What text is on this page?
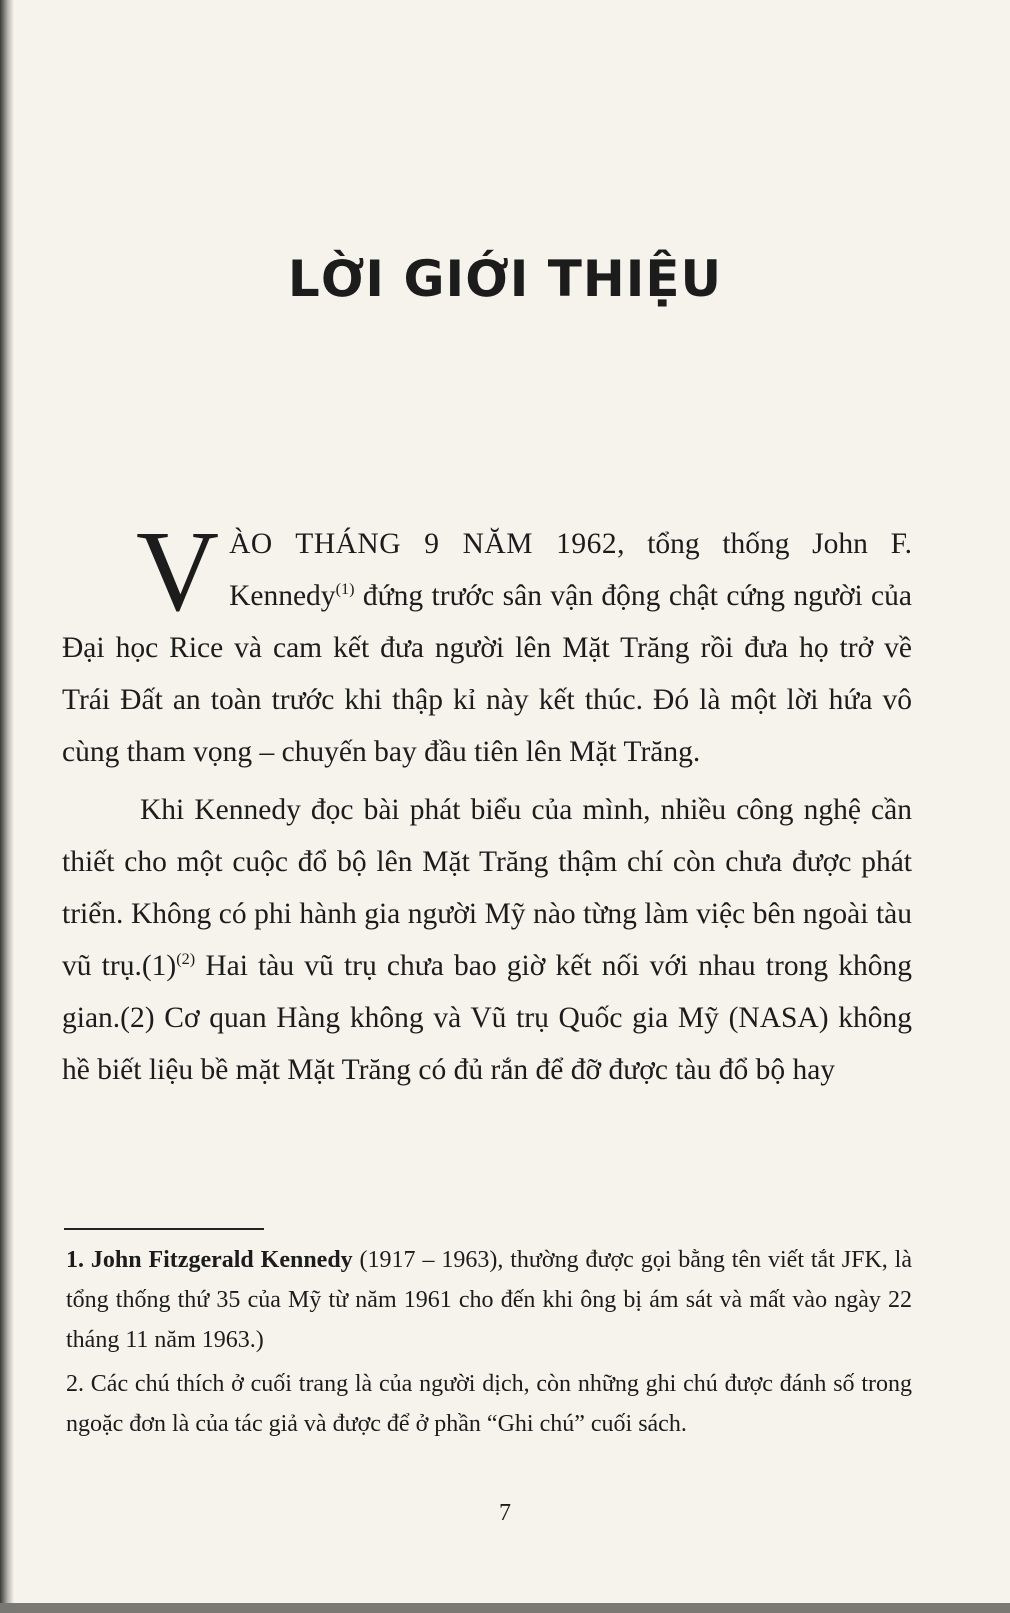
LỜI GIỚI THIỆU

VÀO THÁNG 9 NĂM 1962, tổng thống John F. Kennedy$^{(1)}$ đứng trước sân vận động chật cứng người của Đại học Rice và cam kết đưa người lên Mặt Trăng rồi đưa họ trở về Trái Đất an toàn trước khi thập kỉ này kết thúc. Đó là một lời hứa vô cùng tham vọng – chuyến bay đầu tiên lên Mặt Trăng.

Khi Kennedy đọc bài phát biểu của mình, nhiều công nghệ cần thiết cho một cuộc đổ bộ lên Mặt Trăng thậm chí còn chưa được phát triển. Không có phi hành gia người Mỹ nào từng làm việc bên ngoài tàu vũ $trụ.(1)^{(2)}$ Hai tàu vũ trụ chưa bao giờ kết nối với nhau trong không gian.(2) Cơ quan Hàng không và Vũ trụ Quốc gia Mỹ (NASA) không hề biết liệu bề mặt Mặt Trăng có đủ rắn để đỡ được tàu đổ bộ hay

1. John Fitzgerald Kennedy (1917 – 1963), thường được gọi bằng tên viết tắt JFK, là tổng thống thứ 35 của Mỹ từ năm 1961 cho đến khi ông bị ám sát và mất vào ngày 22 tháng 11 năm 1963.)

2. Các chú thích ở cuối trang là của người dịch, còn những ghi chú được đánh số trong ngoặc đơn là của tác giả và được để ở phần “Ghi chú” cuối sách.

7
